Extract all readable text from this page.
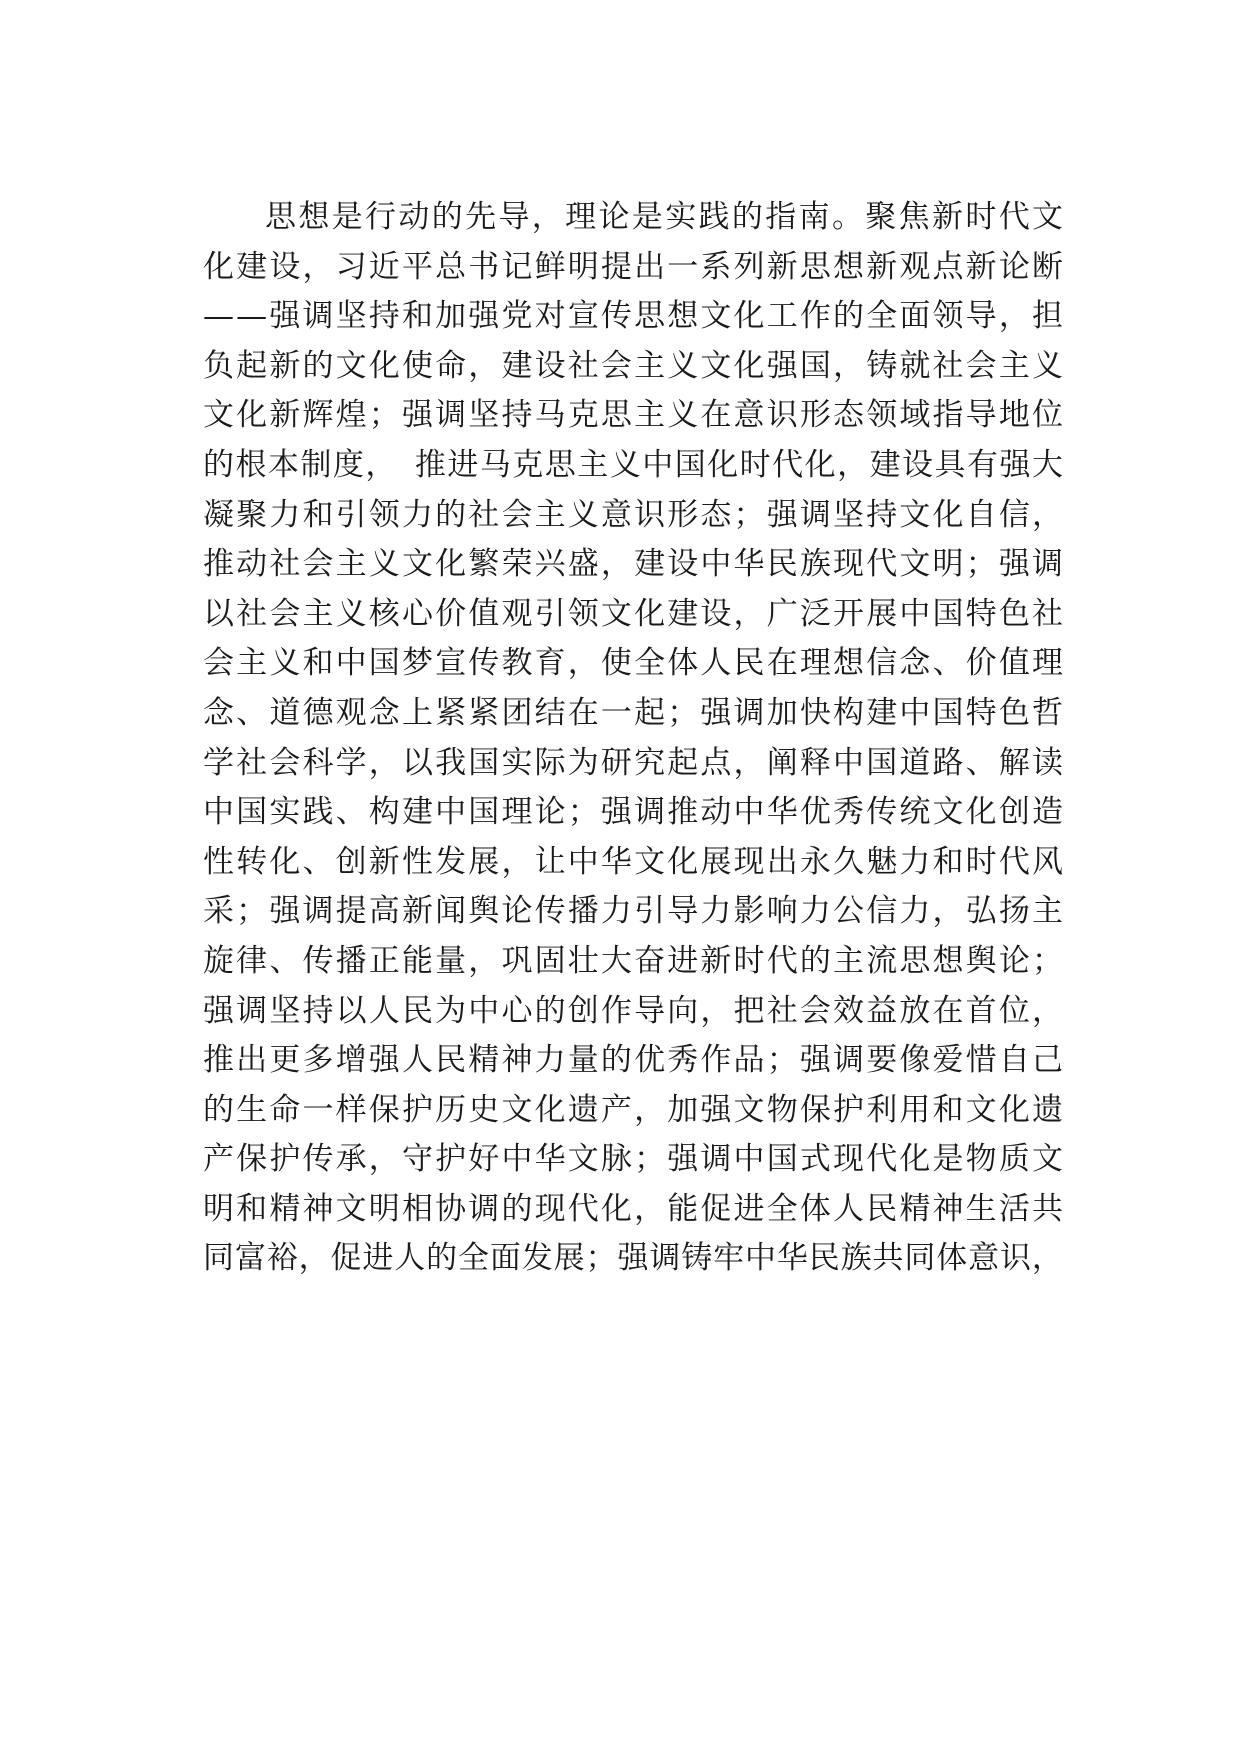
思想是行动的先导，理论是实践的指南。聚焦新时代文
化建设，习近平总书记鲜明提出一系列新思想新观点新论断
——强调坚持和加强党对宣传思想文化工作的全面领导，担
负起新的文化使命，建设社会主义文化强国，铸就社会主义
文化新辉煌；强调坚持马克思主义在意识形态领域指导地位
的根本制度，　推进马克思主义中国化时代化，建设具有强大
凝聚力和引领力的社会主义意识形态；强调坚持文化自信，
推动社会主义文化繁荣兴盛，建设中华民族现代文明；强调
以社会主义核心价值观引领文化建设，广泛开展中国特色社
会主义和中国梦宣传教育，使全体人民在理想信念、价值理
念、道德观念上紧紧团结在一起；强调加快构建中国特色哲
学社会科学，以我国实际为研究起点，阐释中国道路、解读
中国实践、构建中国理论；强调推动中华优秀传统文化创造
性转化、创新性发展，让中华文化展现出永久魅力和时代风
采；强调提高新闻舆论传播力引导力影响力公信力，弘扬主
旋律、传播正能量，巩固壮大奋进新时代的主流思想舆论；
强调坚持以人民为中心的创作导向，把社会效益放在首位，
推出更多增强人民精神力量的优秀作品；强调要像爱惜自己
的生命一样保护历史文化遗产，加强文物保护利用和文化遗
产保护传承，守护好中华文脉；强调中国式现代化是物质文
明和精神文明相协调的现代化，能促进全体人民精神生活共
同富裕，促进人的全面发展；强调铸牢中华民族共同体意识，
